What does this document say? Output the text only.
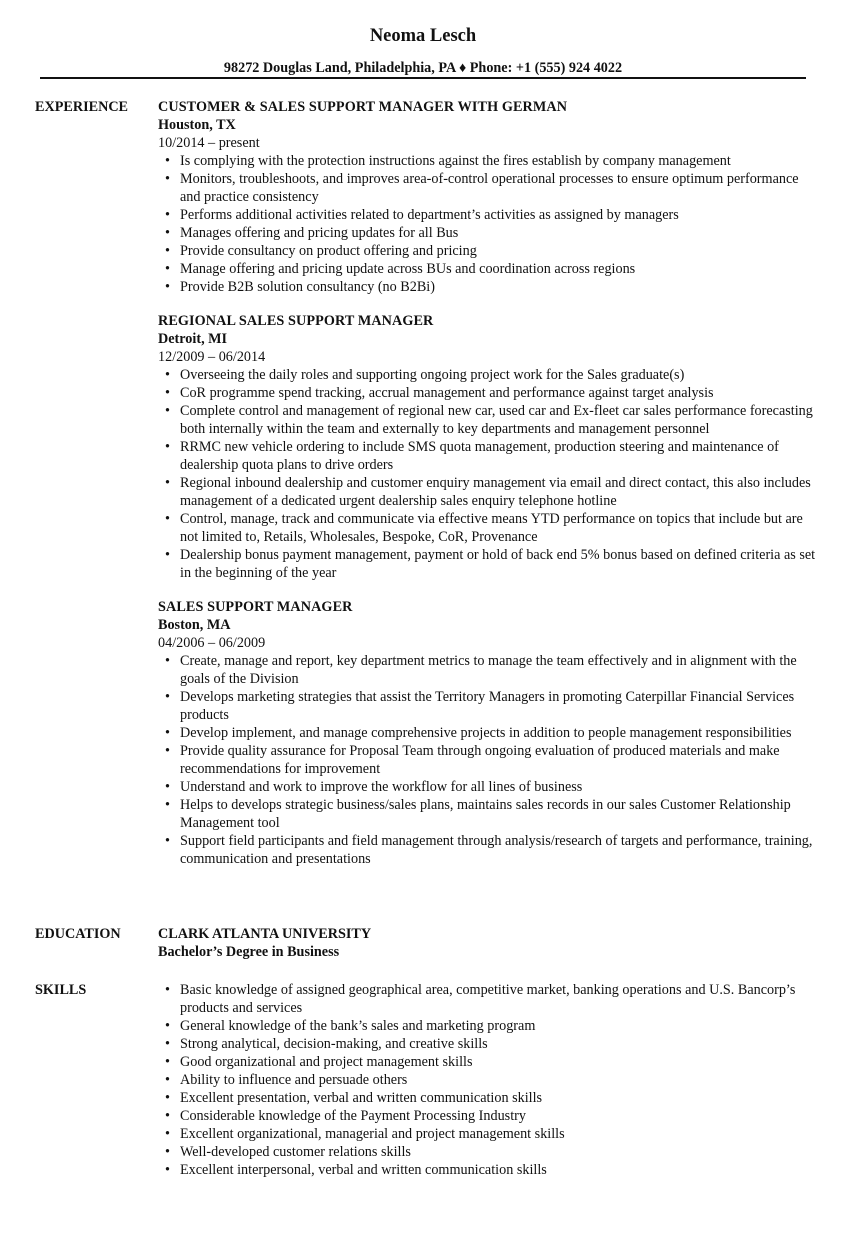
Neoma Lesch
98272 Douglas Land, Philadelphia, PA ♦ Phone: +1 (555) 924 4022
EXPERIENCE CUSTOMER & SALES SUPPORT MANAGER WITH GERMAN
Houston, TX
10/2014 – present
• Is complying with the protection instructions against the fires establish by company management
• Monitors, troubleshoots, and improves area-of-control operational processes to ensure optimum performance and practice consistency
• Performs additional activities related to department’s activities as assigned by managers
• Manages offering and pricing updates for all Bus
• Provide consultancy on product offering and pricing
• Manage offering and pricing update across BUs and coordination across regions
• Provide B2B solution consultancy (no B2Bi)
REGIONAL SALES SUPPORT MANAGER
Detroit, MI
12/2009 – 06/2014
• Overseeing the daily roles and supporting ongoing project work for the Sales graduate(s)
• CoR programme spend tracking, accrual management and performance against target analysis
• Complete control and management of regional new car, used car and Ex-fleet car sales performance forecasting both internally within the team and externally to key departments and management personnel
• RRMC new vehicle ordering to include SMS quota management, production steering and maintenance of dealership quota plans to drive orders
• Regional inbound dealership and customer enquiry management via email and direct contact, this also includes management of a dedicated urgent dealership sales enquiry telephone hotline
• Control, manage, track and communicate via effective means YTD performance on topics that include but are not limited to, Retails, Wholesales, Bespoke, CoR, Provenance
• Dealership bonus payment management, payment or hold of back end 5% bonus based on defined criteria as set in the beginning of the year
SALES SUPPORT MANAGER
Boston, MA
04/2006 – 06/2009
• Create, manage and report, key department metrics to manage the team effectively and in alignment with the goals of the Division
• Develops marketing strategies that assist the Territory Managers in promoting Caterpillar Financial Services products
• Develop implement, and manage comprehensive projects in addition to people management responsibilities
• Provide quality assurance for Proposal Team through ongoing evaluation of produced materials and make recommendations for improvement
• Understand and work to improve the workflow for all lines of business
• Helps to develops strategic business/sales plans, maintains sales records in our sales Customer Relationship Management tool
• Support field participants and field management through analysis/research of targets and performance, training, communication and presentations
EDUCATION	CLARK ATLANTA UNIVERSITY
Bachelor’s Degree in Business
SKILLS
•	Basic knowledge of assigned geographical area, competitive market, banking operations and U.S. Bancorp’s products and services
• General knowledge of the bank’s sales and marketing program
• Strong analytical, decision-making, and creative skills
• Good organizational and project management skills
• Ability to influence and persuade others
• Excellent presentation, verbal and written communication skills
• Considerable knowledge of the Payment Processing Industry
• Excellent organizational, managerial and project management skills
• Well-developed customer relations skills
• Excellent interpersonal, verbal and written communication skills
